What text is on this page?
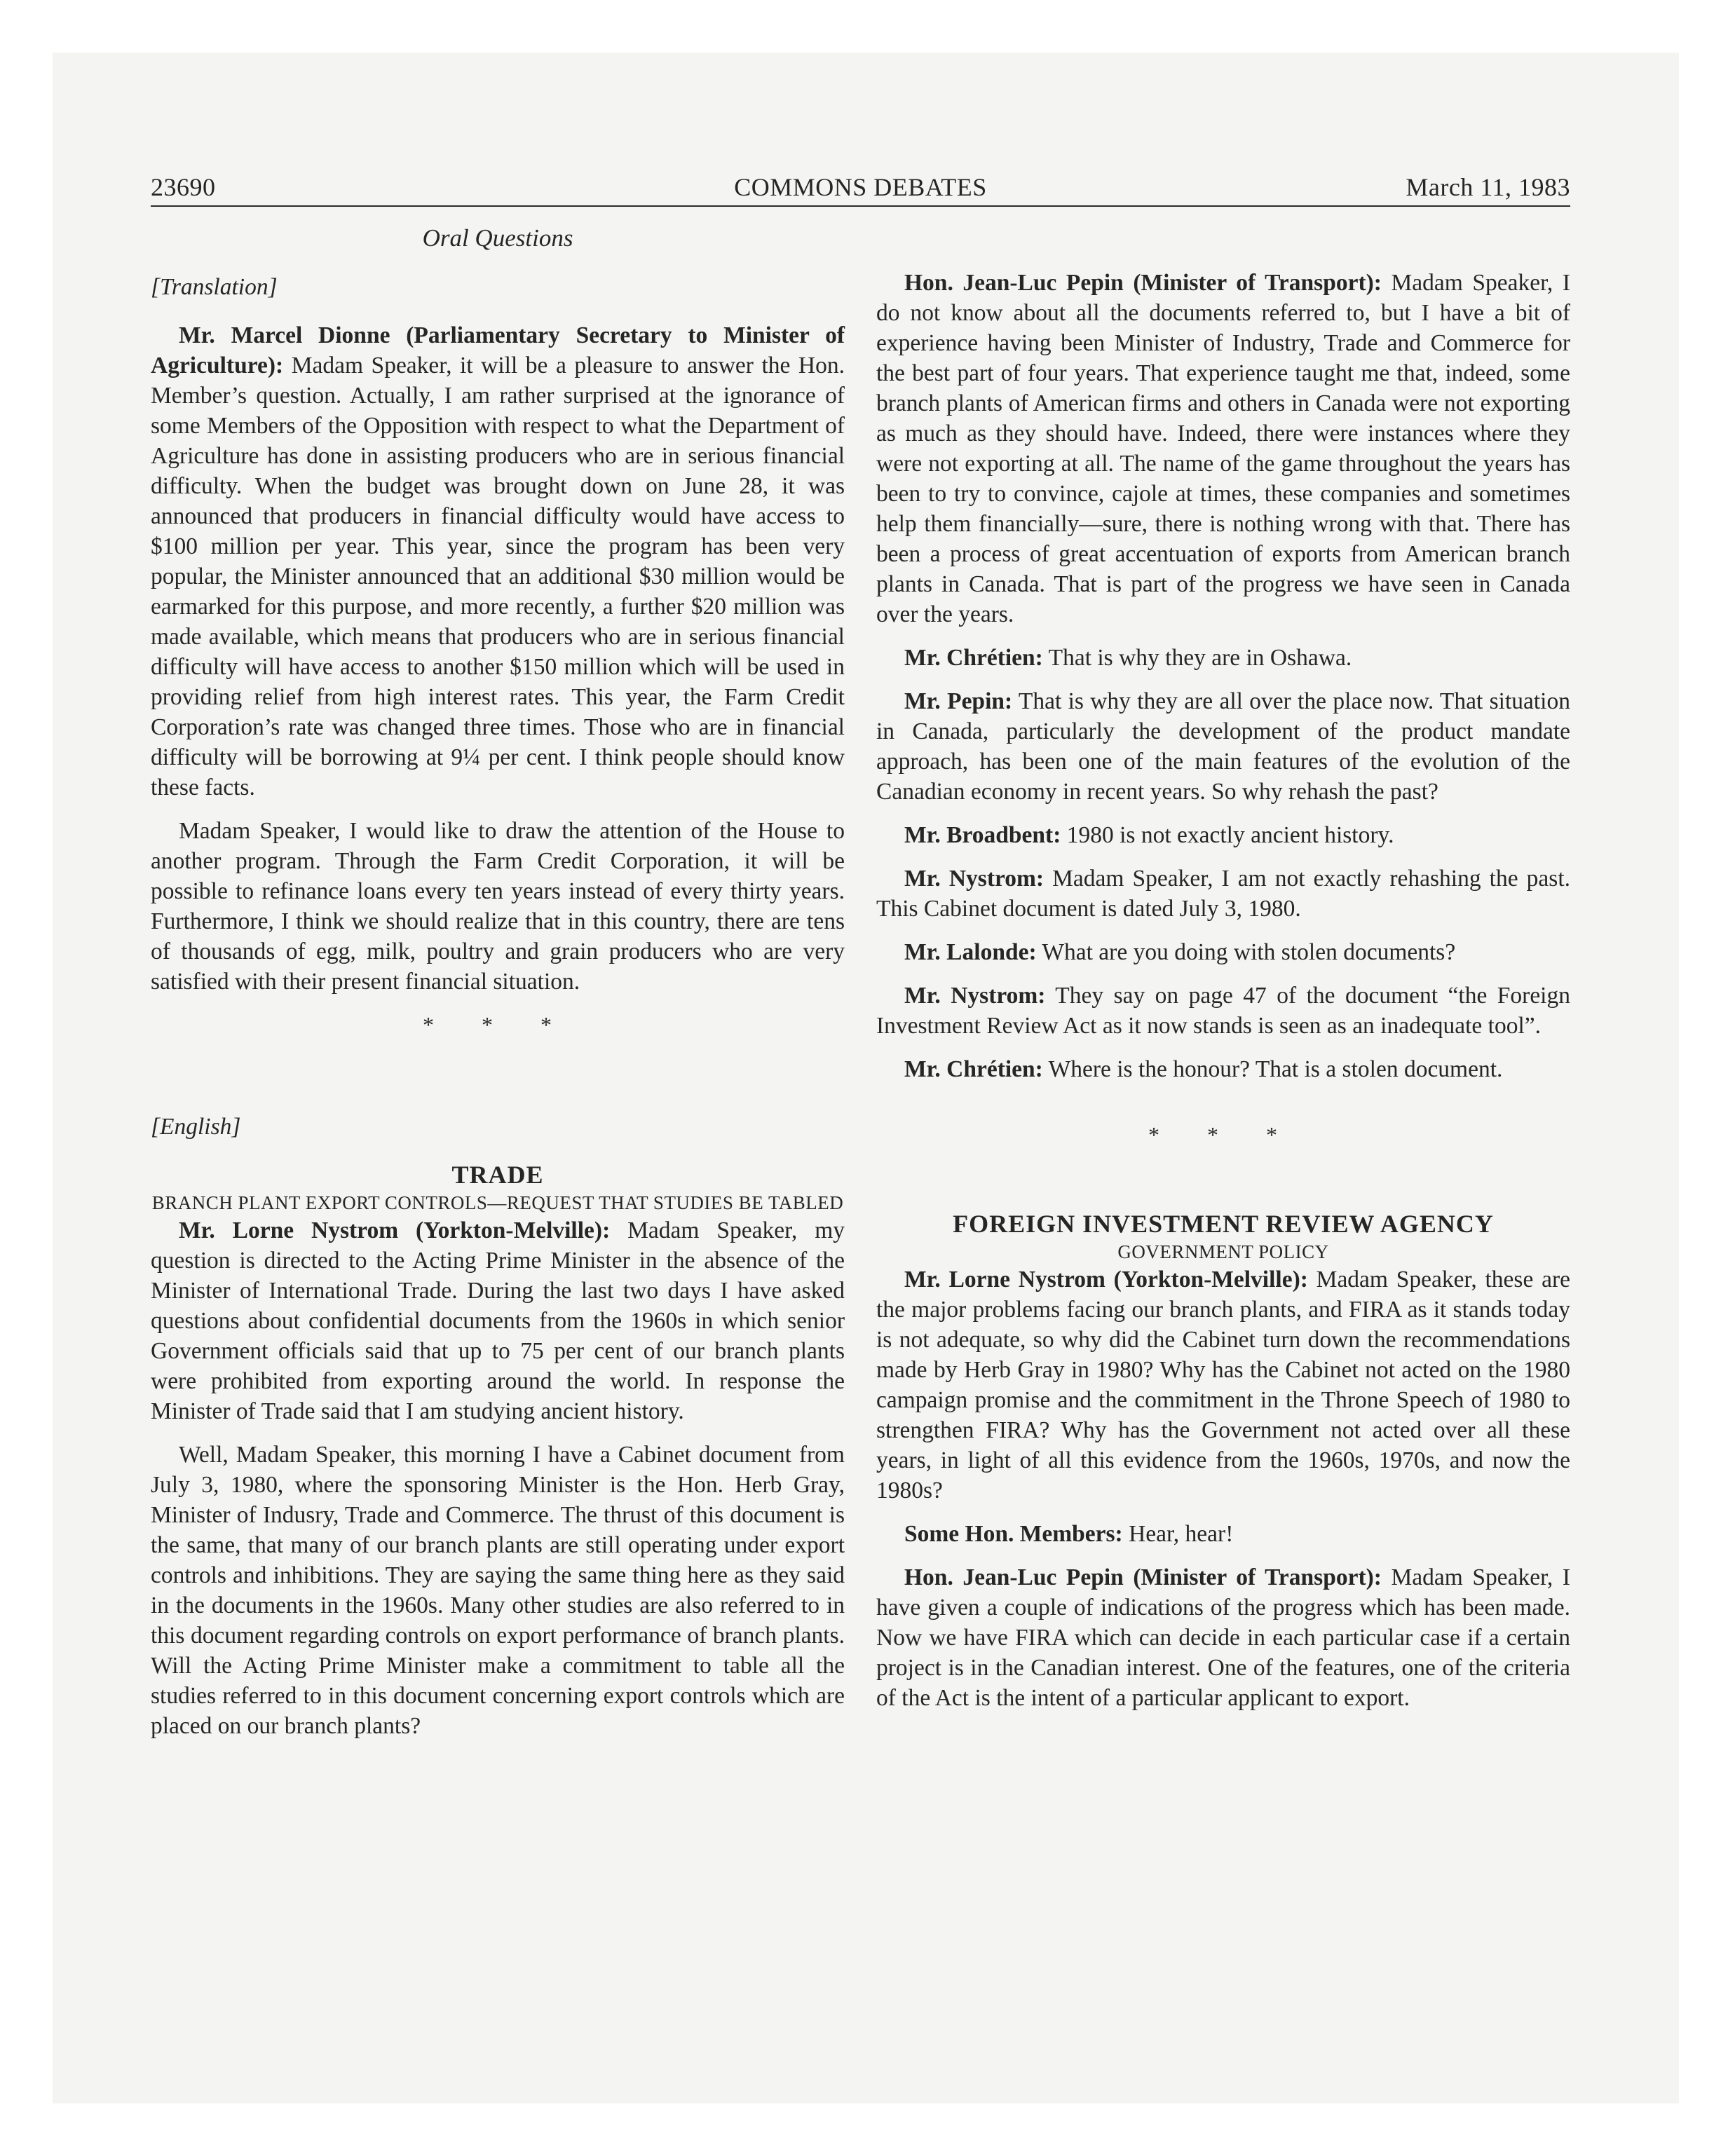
23690	COMMONS DEBATES	March 11, 1983
Oral Questions

[Translation]

Mr. Marcel Dionne (Parliamentary Secretary to Minister of Agriculture): Madam Speaker, it will be a pleasure to answer the Hon. Member’s question. Actually, I am rather surprised at the ignorance of some Members of the Opposition with respect to what the Department of Agriculture has done in assisting producers who are in serious financial difficulty. When the budget was brought down on June 28, it was announced that producers in financial difficulty would have access to $100 million per year. This year, since the program has been very popular, the Minister announced that an additional $30 million would be earmarked for this purpose, and more recently, a further $20 million was made available, which means that producers who are in serious financial difficulty will have access to another $150 million which will be used in providing relief from high interest rates. This year, the Farm Credit Corporation’s rate was changed three times. Those who are in financial difficulty will be borrowing at 9¼ per cent. I think people should know these facts.

Madam Speaker, I would like to draw the attention of the House to another program. Through the Farm Credit Corporation, it will be possible to refinance loans every ten years instead of every thirty years. Furthermore, I think we should realize that in this country, there are tens of thousands of egg, milk, poultry and grain producers who are very satisfied with their present financial situation.

* * *

[English]

TRADE

BRANCH PLANT EXPORT CONTROLS—REQUEST THAT STUDIES BE TABLED

Mr. Lorne Nystrom (Yorkton-Melville): Madam Speaker, my question is directed to the Acting Prime Minister in the absence of the Minister of International Trade. During the last two days I have asked questions about confidential documents from the 1960s in which senior Government officials said that up to 75 per cent of our branch plants were prohibited from exporting around the world. In response the Minister of Trade said that I am studying ancient history.

Well, Madam Speaker, this morning I have a Cabinet document from July 3, 1980, where the sponsoring Minister is the Hon. Herb Gray, Minister of Indusry, Trade and Commerce. The thrust of this document is the same, that many of our branch plants are still operating under export controls and inhibitions. They are saying the same thing here as they said in the documents in the 1960s. Many other studies are also referred to in this document regarding controls on export performance of branch plants. Will the Acting Prime Minister make a commitment to table all the studies referred to in this document concerning export controls which are placed on our branch plants?

Hon. Jean-Luc Pepin (Minister of Transport): Madam Speaker, I do not know about all the documents referred to, but I have a bit of experience having been Minister of Industry, Trade and Commerce for the best part of four years. That experience taught me that, indeed, some branch plants of American firms and others in Canada were not exporting as much as they should have. Indeed, there were instances where they were not exporting at all. The name of the game throughout the years has been to try to convince, cajole at times, these companies and sometimes help them financially—sure, there is nothing wrong with that. There has been a process of great accentuation of exports from American branch plants in Canada. That is part of the progress we have seen in Canada over the years.

Mr. Chrétien: That is why they are in Oshawa.

Mr. Pepin: That is why they are all over the place now. That situation in Canada, particularly the development of the product mandate approach, has been one of the main features of the evolution of the Canadian economy in recent years. So why rehash the past?

Mr. Broadbent: 1980 is not exactly ancient history.

Mr. Nystrom: Madam Speaker, I am not exactly rehashing the past. This Cabinet document is dated July 3, 1980.

Mr. Lalonde: What are you doing with stolen documents?

Mr. Nystrom: They say on page 47 of the document “the Foreign Investment Review Act as it now stands is seen as an inadequate tool”.

Mr. Chrétien: Where is the honour? That is a stolen document.

* * *

FOREIGN INVESTMENT REVIEW AGENCY

GOVERNMENT POLICY

Mr. Lorne Nystrom (Yorkton-Melville): Madam Speaker, these are the major problems facing our branch plants, and FIRA as it stands today is not adequate, so why did the Cabinet turn down the recommendations made by Herb Gray in 1980? Why has the Cabinet not acted on the 1980 campaign promise and the commitment in the Throne Speech of 1980 to strengthen FIRA? Why has the Government not acted over all these years, in light of all this evidence from the 1960s, 1970s, and now the 1980s?

Some Hon. Members: Hear, hear!

Hon. Jean-Luc Pepin (Minister of Transport): Madam Speaker, I have given a couple of indications of the progress which has been made. Now we have FIRA which can decide in each particular case if a certain project is in the Canadian interest. One of the features, one of the criteria of the Act is the intent of a particular applicant to export.
